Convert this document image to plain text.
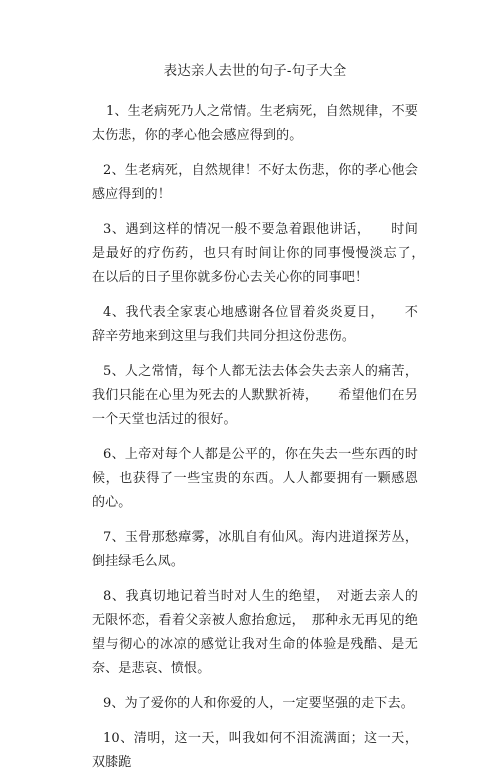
表达亲人去世的句子-句子大全

1、生老病死乃人之常情。生老病死，自然规律，不要太伤悲，你的孝心他会感应得到的。

2、生老病死，自然规律！不好太伤悲，你的孝心他会感应得到的！

3、遇到这样的情况一般不要急着跟他讲话，　　时间是最好的疗伤药，也只有时间让你的同事慢慢淡忘了，　　在以后的日子里你就多份心去关心你的同事吧！

4、我代表全家衷心地感谢各位冒着炎炎夏日，　　不辞辛劳地来到这里与我们共同分担这份悲伤。

5、人之常情，每个人都无法去体会失去亲人的痛苦，我们只能在心里为死去的人默默祈祷，　　希望他们在另一个天堂也活过的很好。

6、上帝对每个人都是公平的，你在失去一些东西的时候，也获得了一些宝贵的东西。人人都要拥有一颗感恩的心。

7、玉骨那愁瘴雾，冰肌自有仙风。海内进道探芳丛，倒挂绿毛么凤。

8、我真切地记着当时对人生的绝望，　对逝去亲人的无限怀恋，看着父亲被人愈抬愈远，　那种永无再见的绝望与彻心的冰凉的感觉让我对生命的体验是残酷、是无奈、是悲哀、愤恨。

9、为了爱你的人和你爱的人，一定要坚强的走下去。

10、清明，这一天，叫我如何不泪流满面；这一天，双膝跪
